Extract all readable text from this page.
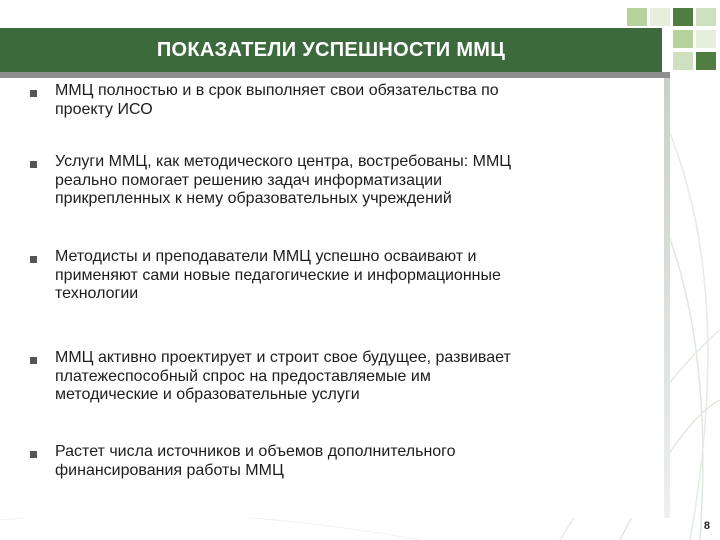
ПОКАЗАТЕЛИ УСПЕШНОСТИ ММЦ
ММЦ полностью и в срок выполняет свои обязательства по
проекту ИСО
Услуги ММЦ, как методического центра, востребованы: ММЦ
реально помогает решению задач информатизации
прикрепленных к нему образовательных учреждений
Методисты и преподаватели ММЦ успешно осваивают и
применяют сами новые педагогические и информационные
технологии
ММЦ активно проектирует и строит свое будущее, развивает
платежеспособный спрос на предоставляемые им
методические и образовательные услуги
Растет числа источников и объемов дополнительного
финансирования работы ММЦ
8
